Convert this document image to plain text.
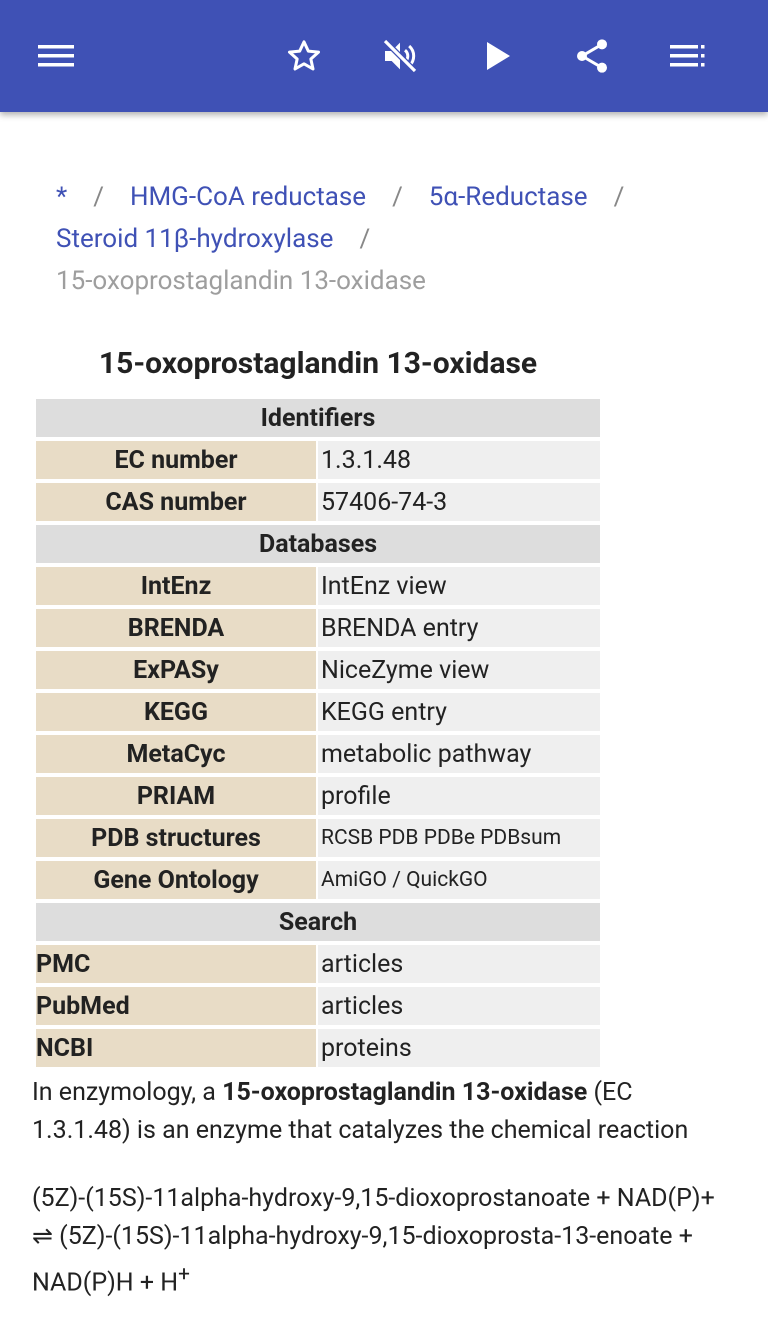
* / HMG-CoA reductase / 5α-Reductase /
Steroid 11β-hydroxylase /
15-oxoprostaglandin 13-oxidase
15-oxoprostaglandin 13-oxidase
Identifiers	
EC number	1.3.1.48
CAS number	57406-74-3
Databases	
IntEnz	IntEnz view
BRENDA	BRENDA entry
ExPASy	NiceZyme view
KEGG	KEGG entry
MetaCyc	metabolic pathway
PRIAM	profile
PDB structures	RCSB PDB PDBe PDBsum
Gene Ontology	AmiGO / QuickGO
Search	
PMC	articles
PubMed	articles
NCBI	proteins

In enzymology, a 15-oxoprostaglandin 13-oxidase (EC 1.3.1.48) is an enzyme that catalyzes the chemical reaction

(5Z)-(15S)-11alpha-hydroxy-9,15-dioxoprostanoate + NAD(P)+ ⇌ (5Z)-(15S)-11alpha-hydroxy-9,15-dioxoprosta-13-enoate + NAD(P)H + H+
